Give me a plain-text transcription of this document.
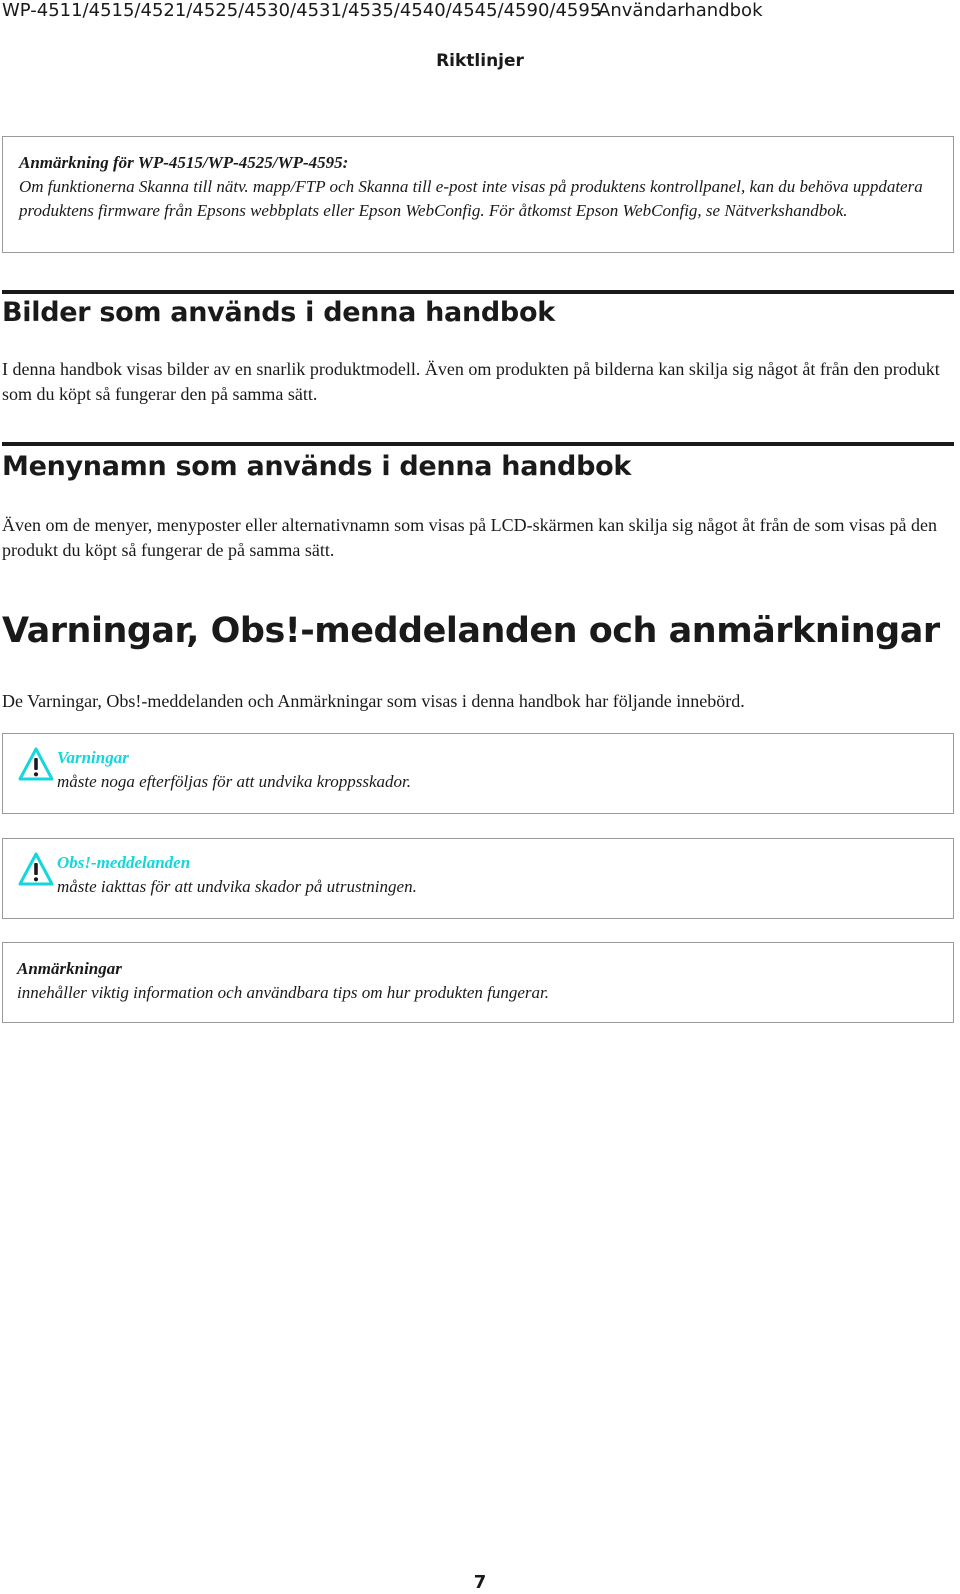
WP-4511/4515/4521/4525/4530/4531/4535/4540/4545/4590/4595
Användarhandbok
Riktlinjer
Anmärkning för WP-4515/WP-4525/WP-4595:
Om funktionerna Skanna till nätv. mapp/FTP och Skanna till e-post inte visas på produktens kontrollpanel, kan du behöva uppdatera produktens firmware från Epsons webbplats eller Epson WebConfig. För åtkomst Epson WebConfig, se Nätverkshandbok.
Bilder som används i denna handbok
I denna handbok visas bilder av en snarlik produktmodell. Även om produkten på bilderna kan skilja sig något åt från den produkt som du köpt så fungerar den på samma sätt.
Menynamn som används i denna handbok
Även om de menyer, menyposter eller alternativnamn som visas på LCD-skärmen kan skilja sig något åt från de som visas på den produkt du köpt så fungerar de på samma sätt.
Varningar, Obs!-meddelanden och anmärkningar
De Varningar, Obs!-meddelanden och Anmärkningar som visas i denna handbok har följande innebörd.
Varningar
måste noga efterföljas för att undvika kroppsskador.
Obs!-meddelanden
måste iakttas för att undvika skador på utrustningen.
Anmärkningar
innehåller viktig information och användbara tips om hur produkten fungerar.
7
